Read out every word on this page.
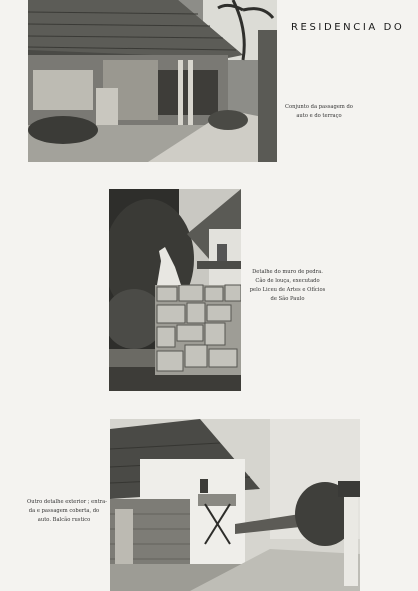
RESIDENCIA DO
Conjunto da passagem do
auto e do terraço
Detalhe do muro de pedra.
Cão de louça, executado
pelo Liceu de Artes e Ofícios
de São Paulo
Outro detalhe exterior ; entra-
da e passagem coberta, do
auto. Balcão rustico
